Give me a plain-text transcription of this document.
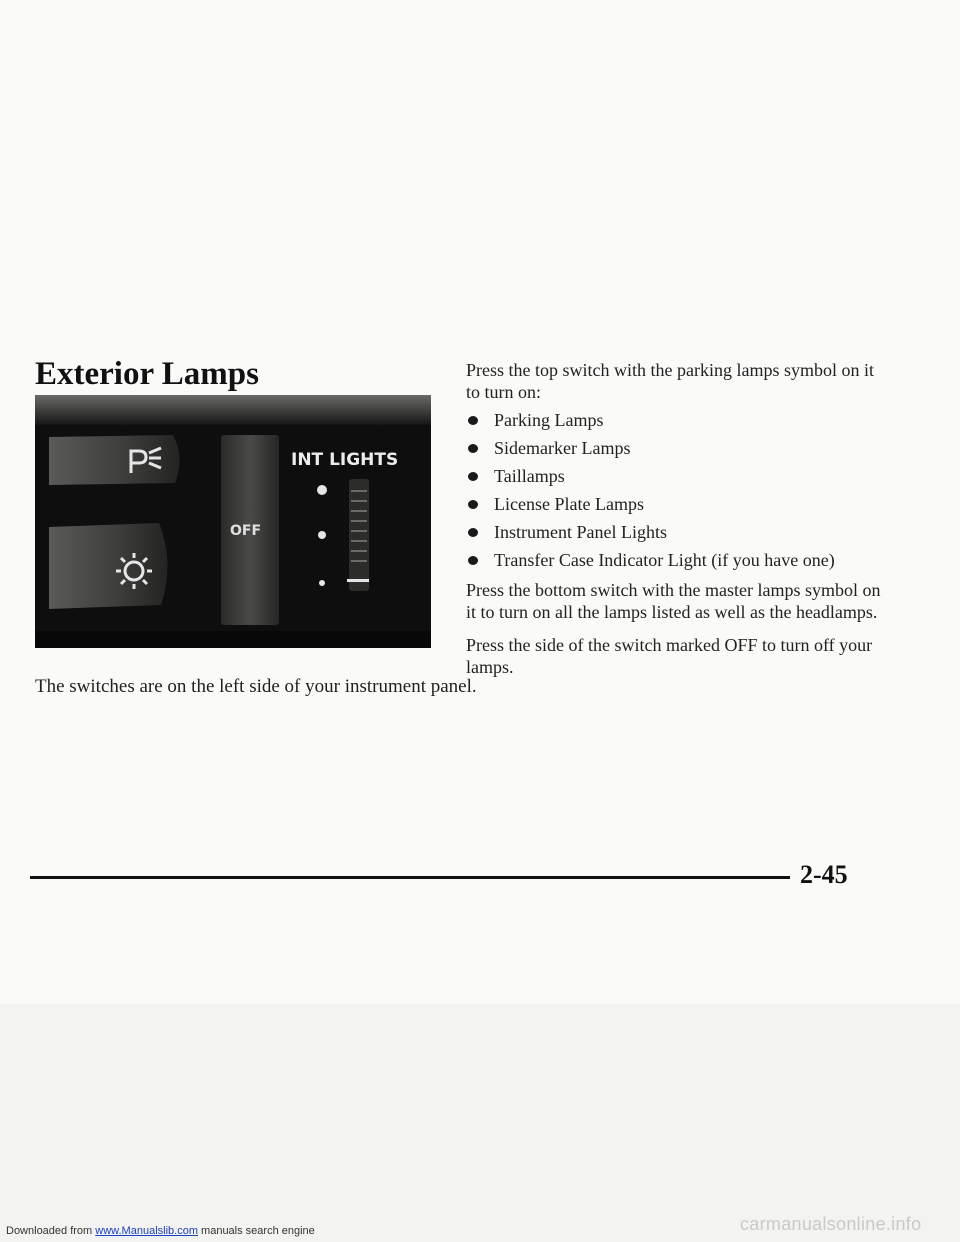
Exterior Lamps
OFF
INT LIGHTS

The switches are on the left side of your instrument panel.

Press the top switch with the parking lamps symbol on it to turn on:

Parking Lamps
Sidemarker Lamps
Taillamps
License Plate Lamps
Instrument Panel Lights
Transfer Case Indicator Light (if you have one)

Press the bottom switch with the master lamps symbol on it to turn on all the lamps listed as well as the headlamps.

Press the side of the switch marked OFF to turn off your lamps.

2-45

Downloaded from www.Manualslib.com manuals search engine	carmanualsonline.info
